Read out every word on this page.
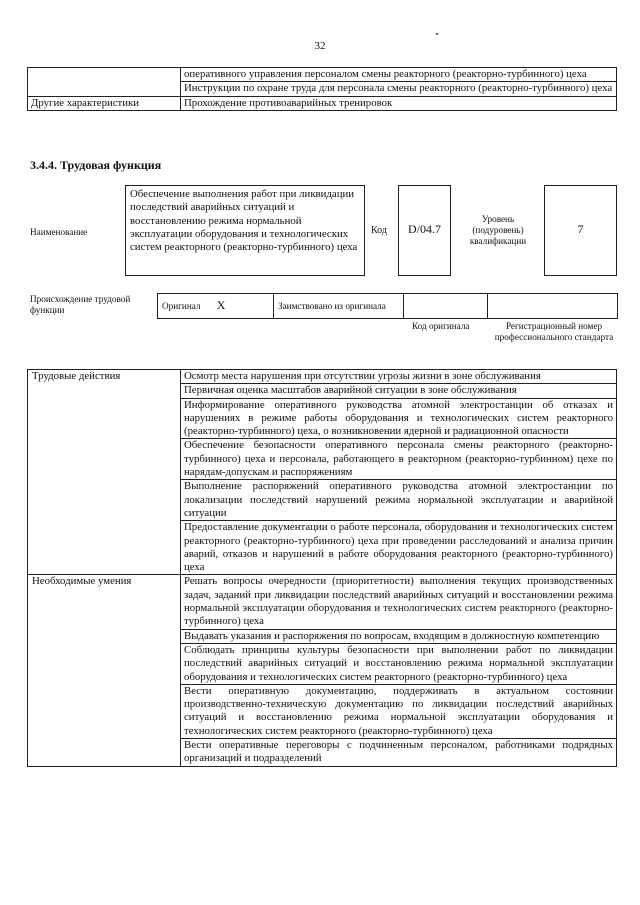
32
	оперативного управления персоналом смены реакторного (реакторно-турбинного) цеха
	Инструкции по охране труда для персонала смены реакторного (реакторно-турбинного) цеха
Другие характеристики	Прохождение противоаварийных тренировок
3.4.4. Трудовая функция
Наименование
Обеспечение выполнения работ при ликвидации последствий аварийных ситуаций и восстановлению режима нормальной эксплуатации оборудования и технологических систем реакторного (реакторно-турбинного) цеха
Код D/04.7
Уровень (подуровень) квалификации
7
Происхождение трудовой функции	Оригинал X	Заимствовано из оригинала		
Код оригинала	Регистрационный номер профессионального стандарта
Трудовые действия	Осмотр места нарушения при отсутствии угрозы жизни в зоне обслуживания
	Первичная оценка масштабов аварийной ситуации в зоне обслуживания
	Информирование оперативного руководства атомной электростанции об отказах и нарушениях в режиме работы оборудования и технологических систем реакторного (реакторно-турбинного) цеха, о возникновении ядерной и радиационной опасности
	Обеспечение безопасности оперативного персонала смены реакторного (реакторно-турбинного) цеха и персонала, работающего в реакторном (реакторно-турбинном) цехе по нарядам-допускам и распоряжениям
	Выполнение распоряжений оперативного руководства атомной электростанции по локализации последствий нарушений режима нормальной эксплуатации и аварийной ситуации
	Предоставление документации о работе персонала, оборудования и технологических систем реакторного (реакторно-турбинного) цеха при проведении расследований и анализа причин аварий, отказов и нарушений в работе оборудования реакторного (реакторно-турбинного) цеха
Необходимые умения	Решать вопросы очередности (приоритетности) выполнения текущих производственных задач, заданий при ликвидации последствий аварийных ситуаций и восстановлении режима нормальной эксплуатации оборудования и технологических систем реакторного (реакторно-турбинного) цеха
	Выдавать указания и распоряжения по вопросам, входящим в должностную компетенцию
	Соблюдать принципы культуры безопасности при выполнении работ по ликвидации последствий аварийных ситуаций и восстановлению режима нормальной эксплуатации оборудования и технологических систем реакторного (реакторно-турбинного) цеха
	Вести оперативную документацию, поддерживать в актуальном состоянии производственно-техническую документацию по ликвидации последствий аварийных ситуаций и восстановлению режима нормальной эксплуатации оборудования и технологических систем реакторного (реакторно-турбинного) цеха
	Вести оперативные переговоры с подчиненным персоналом, работниками подрядных организаций и подразделений
